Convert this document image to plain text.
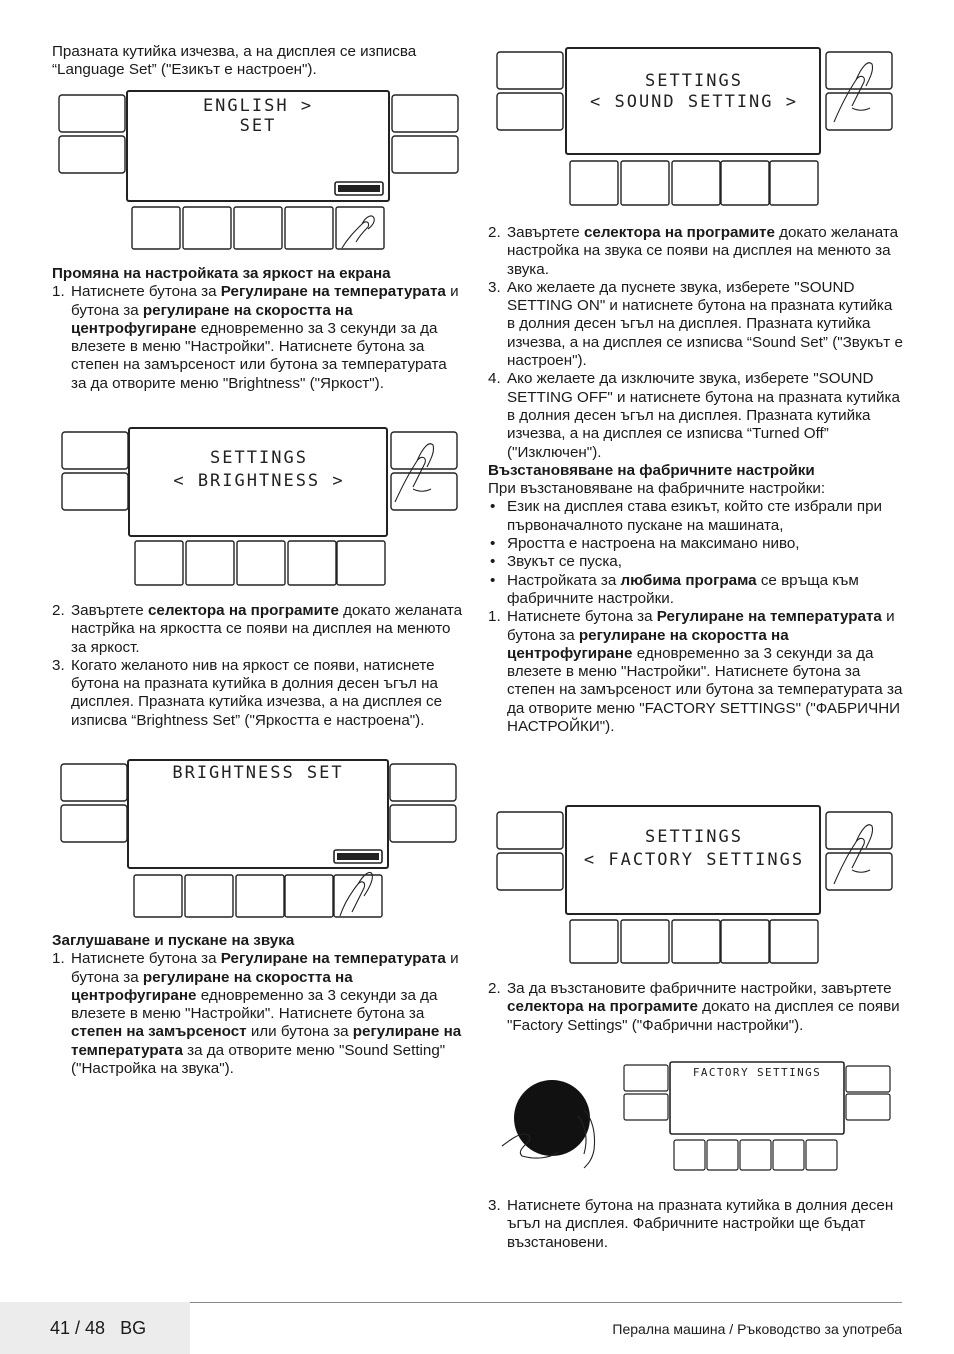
Празната кутийка изчезва, а на дисплея се изписва “Language Set” ("Езикът е настроен").

ENGLISH >
SET
Промяна на настройката за яркост на екрана
1. Натиснете бутона за Регулиране на температурата и бутона за регулиране на скоростта на центрофугиране едновременно за 3 секунди за да влезете в меню "Настройки". Натиснете бутона за степен на замърсеност или бутона за температурата за да отворите меню "Brightness" ("Яркост").
SETTINGS
< BRIGHTNESS >
2. Завъртете селектора на програмите докато желаната настрйка на яркостта се появи на дисплея на менюто за яркост.
3. Когато желаното нив на яркост се появи, натиснете бутона на празната кутийка в долния десен ъгъл на дисплея. Празната кутийка изчезва, а на дисплея се изписва “Brightness Set” ("Яркостта е настроена").
BRIGHTNESS SET
Заглушаване и пускане на звука
1. Натиснете бутона за Регулиране на температурата и бутона за регулиране на скоростта на центрофугиране едновременно за 3 секунди за да влезете в меню "Настройки". Натиснете бутона за степен на замърсеност или бутона за регулиране на температурата за да отворите меню "Sound Setting" ("Настройка на звука").
SETTINGS
< SOUND SETTING >
2. Завъртете селектора на програмите докато желаната настройка на звука се появи на дисплея на менюто за звука.
3. Ако желаете да пуснете звука, изберете "SOUND SETTING ON" и натиснете бутона на празната кутийка в долния десен ъгъл на дисплея. Празната кутийка изчезва, а на дисплея се изписва “Sound Set” ("Звукът е настроен").
4. Ако желаете да изключите звука, изберете "SOUND SETTING OFF" и натиснете бутона на празната кутийка в долния десен ъгъл на дисплея. Празната кутийка изчезва, а на дисплея се изписва “Turned Off” ("Изключен").
Възстановяване на фабричните настройки

При възстановяване на фабричните настройки:

• Език на дисплея става езикът, който сте избрали при първоначалното пускане на машината,
• Яростта е настроена на максимано ниво,
• Звукът се пуска,
• Настройката за любима програма се връща към фабричните настройки.
1. Натиснете бутона за Регулиране на температурата и бутона за регулиране на скоростта на центрофугиране едновременно за 3 секунди за да влезете в меню "Настройки". Натиснете бутона за степен на замърсеност или бутона за температурата за да отворите меню "FACTORY SETTINGS" ("ФАБРИЧНИ НАСТРОЙКИ").
SETTINGS
< FACTORY SETTINGS
2. За да възстановите фабричните настройки, завъртете селектора на програмите докато на дисплея се появи "Factory Settings" ("Фабрични настройки").
FACTORY SETTINGS
3. Натиснете бутона на празната кутийка в долния десен ъгъл на дисплея. Фабричните настройки ще бъдат възстановени.
41 / 48 BG	Перална машина / Ръководство за употреба
